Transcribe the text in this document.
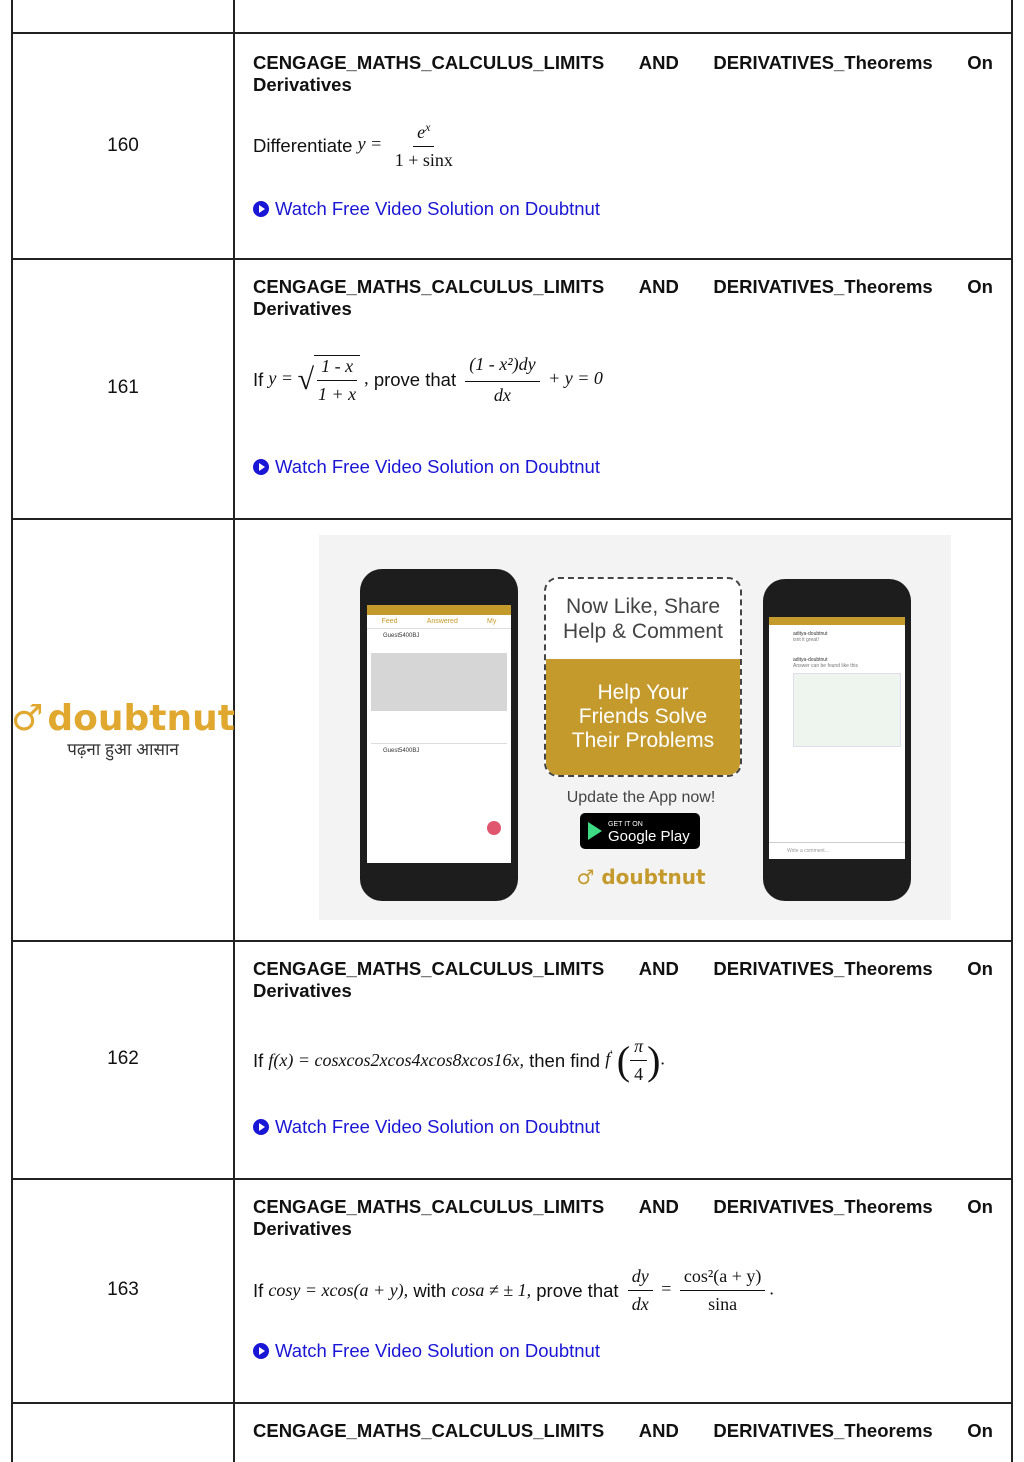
160
CENGAGE_MATHS_CALCULUS_LIMITS AND DERIVATIVES_Theorems On
Derivatives
Differentiate
$y = \frac{e^x}{1 + \sin x}$
Watch Free Video Solution on Doubtnut
161
CENGAGE_MATHS_CALCULUS_LIMITS AND DERIVATIVES_Theorems On
Derivatives
If
y = √ $\frac{1 - x}{1 + x}$ ,
prove that
$\frac{\text{(1 - x²)dy}}{dx} + y = 0$
Watch Free Video Solution on Doubtnut
♂ doubtnut
पढ़ना हुआ आसान
Feed	Answered	My
Guest5400BJ
Guest5400BJ
Now Like, Share
Help & Comment
Help Your
Friends Solve
Their Problems
Update the App now!
GET IT ON
Google Play
♂ doubtnut
aditya-doubtnut
isnt it great!
aditya-doubtnut
Answer can be found like this
Write a comment...
162
CENGAGE_MATHS_CALCULUS_LIMITS AND DERIVATIVES_Theorems On
Derivatives
If
f(x) = cosxcos2xcos4xcos8xcos16x,
then find
f' ( $\frac{\pi}{4}$ ).
Watch Free Video Solution on Doubtnut
163
CENGAGE_MATHS_CALCULUS_LIMITS AND DERIVATIVES_Theorems On
Derivatives
If
cosy = xcos(a + y),
with
cosa ≠ ± 1,
prove that
$\frac{dy}{dx} = \frac{\text{cos²(a + y)}}{\sin a}$ .
Watch Free Video Solution on Doubtnut
CENGAGE_MATHS_CALCULUS_LIMITS AND DERIVATIVES_Theorems On
